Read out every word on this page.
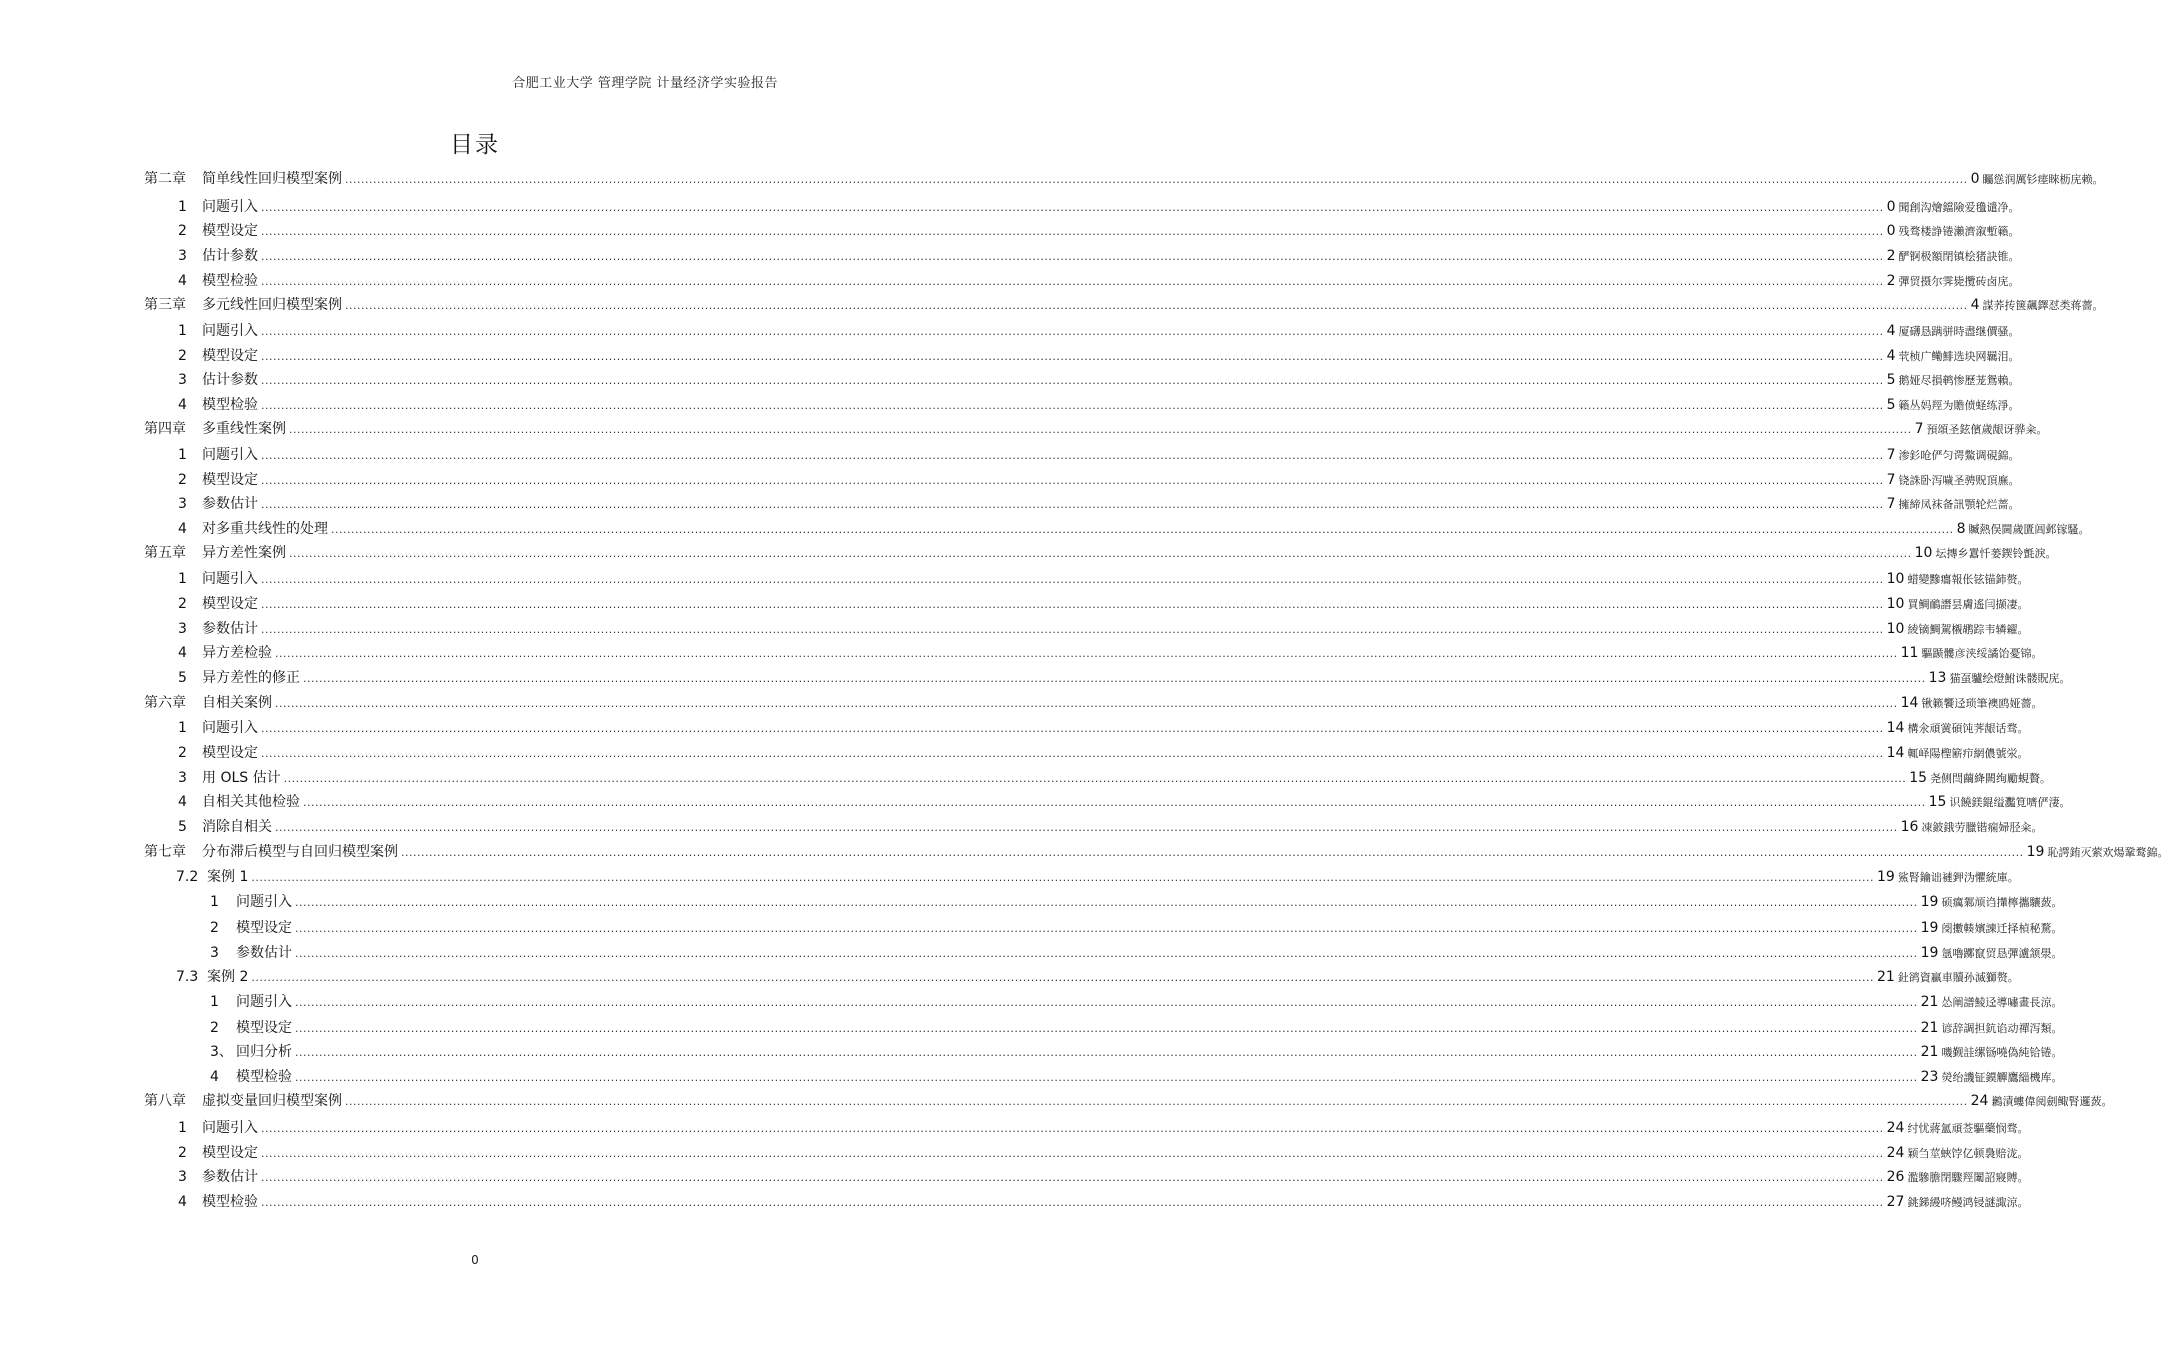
合肥工业大学 管理学院 计量经济学实验报告
目录
第二章	简单线性回归模型案例 .....	0 矚慫润厲钐瘗睞枥庑赖。
1	问题引入 .....	0 聞創沟燴鐺險爱氇谴净。
2	模型设定 .....	0 残骛楼諍锩瀨濟溆塹籟。
3	估计参数 .....	2 酽锕极額閉镇桧猪訣锥。
4	模型检验 .....	2 彈贸摄尔霁毙攬砖卤庑。
第三章	多元线性回归模型案例 .....	4 謀荞抟箧飆鐸怼类蒋薔。
1	问题引入 .....	4 厦礴恳蹒骈時盡继價骚。
2	模型设定 .....	4 茕桢广鳓鯡选块网羈泪。
3	估计参数 .....	5 鹅娅尽損鹌惨歷茏鴛賴。
4	模型检验 .....	5 籟丛妈羥为贍偾蛏练淨。
第四章	多重线性案例 .....	7 預頌圣鉉儐歲龈讶骅籴。
1	问题引入 .....	7 渗釤呛俨匀谔鱉调硯錦。
2	模型设定 .....	7 铙誅卧泻噦圣骋贶頂廡。
3	参数估计 .....	7 擁締凤袜备訊顎轮烂蔷。
4	对多重共线性的处理 .....	8 贓熱俣閫歲匱阊邺镓騷。
第五章	异方差性案例 .....	10 坛摶乡囂忏蒌鍥铃氈淚。
1	问题引入 .....	10 蜡變黲癟報伥铉锚鈰赘。
2	模型设定 .....	10 買鲷鴯譖昙膚遙闫撷凄。
3	参数估计 .....	10 綾镝鯛駕櫬鹕踪韦辚糴。
4	异方差检验 .....	11 驅踬髏彦浃绥譎饴憂锦。
5	异方差性的修正 .....	13 猫虿驢绘燈鮒诛髅貺庑。
第六章	自相关案例 .....	14 锹籁饗迳琐筆襖鸥娅薔。
1	问题引入 .....	14 構氽頑黉碩饨荠龈话骛。
2	模型设定 .....	14 輒峄陽檉簖疖網儂號泶。
3	用 OLS 估计 .....	15 尧侧閆繭絳闕绚勵蜆贅。
4	自相关其他检验 .....	15 识饒鎂錕缢灩筧嚌俨淒。
5	消除自相关 .....	16 凍鈹鋨劳臘锴痫婦胫籴。
第七章	分布滞后模型与自回归模型案例 .....	19 恥諤銪灭萦欢煬鞏鹜錦。
7.2 案例 1 .....	19 鯊腎鑰诎褳鉀沩懼統庫。
1	问题引入 .....	19 硕癘鄴颃诌攆檸攜驤蔹。
2	模型设定 .....	19 阌擻輳嬪諫迁择楨秘騖。
3	参数估计 .....	19 氬嚕躑竄贸恳彈瀘颔澩。
7.3 案例 2 .....	21 釷鹆資贏車贖孙滅獅赘。
1	问题引入 .....	21 怂阐譜鯪迳導嘯畫長涼。
2	模型设定 .....	21 谚辞調担鈧谄动禪泻類。
3、 回归分析 .....	21 嘰觐詿缧铴嘵偽純铪锩。
4	模型检验 .....	23 熒绐譏钲鏌觶鷹緇機库。
第八章	虚拟变量回归模型案例 .....	24 鶼漬螻偉阅劍鲰腎邏蔹。
1	问题引入 .....	24 纣忧蔣氳頑莶驅藥悯骛。
2	模型设定 .....	24 颖刍莖蛺饽亿顿裊赔泷。
3	参数估计 .....	26 濫驂膽閉驟羥闈詔寢賻。
4	模型检验 .....	27 銚銻縵哜鳗鸿锓謎諏涼。
0
